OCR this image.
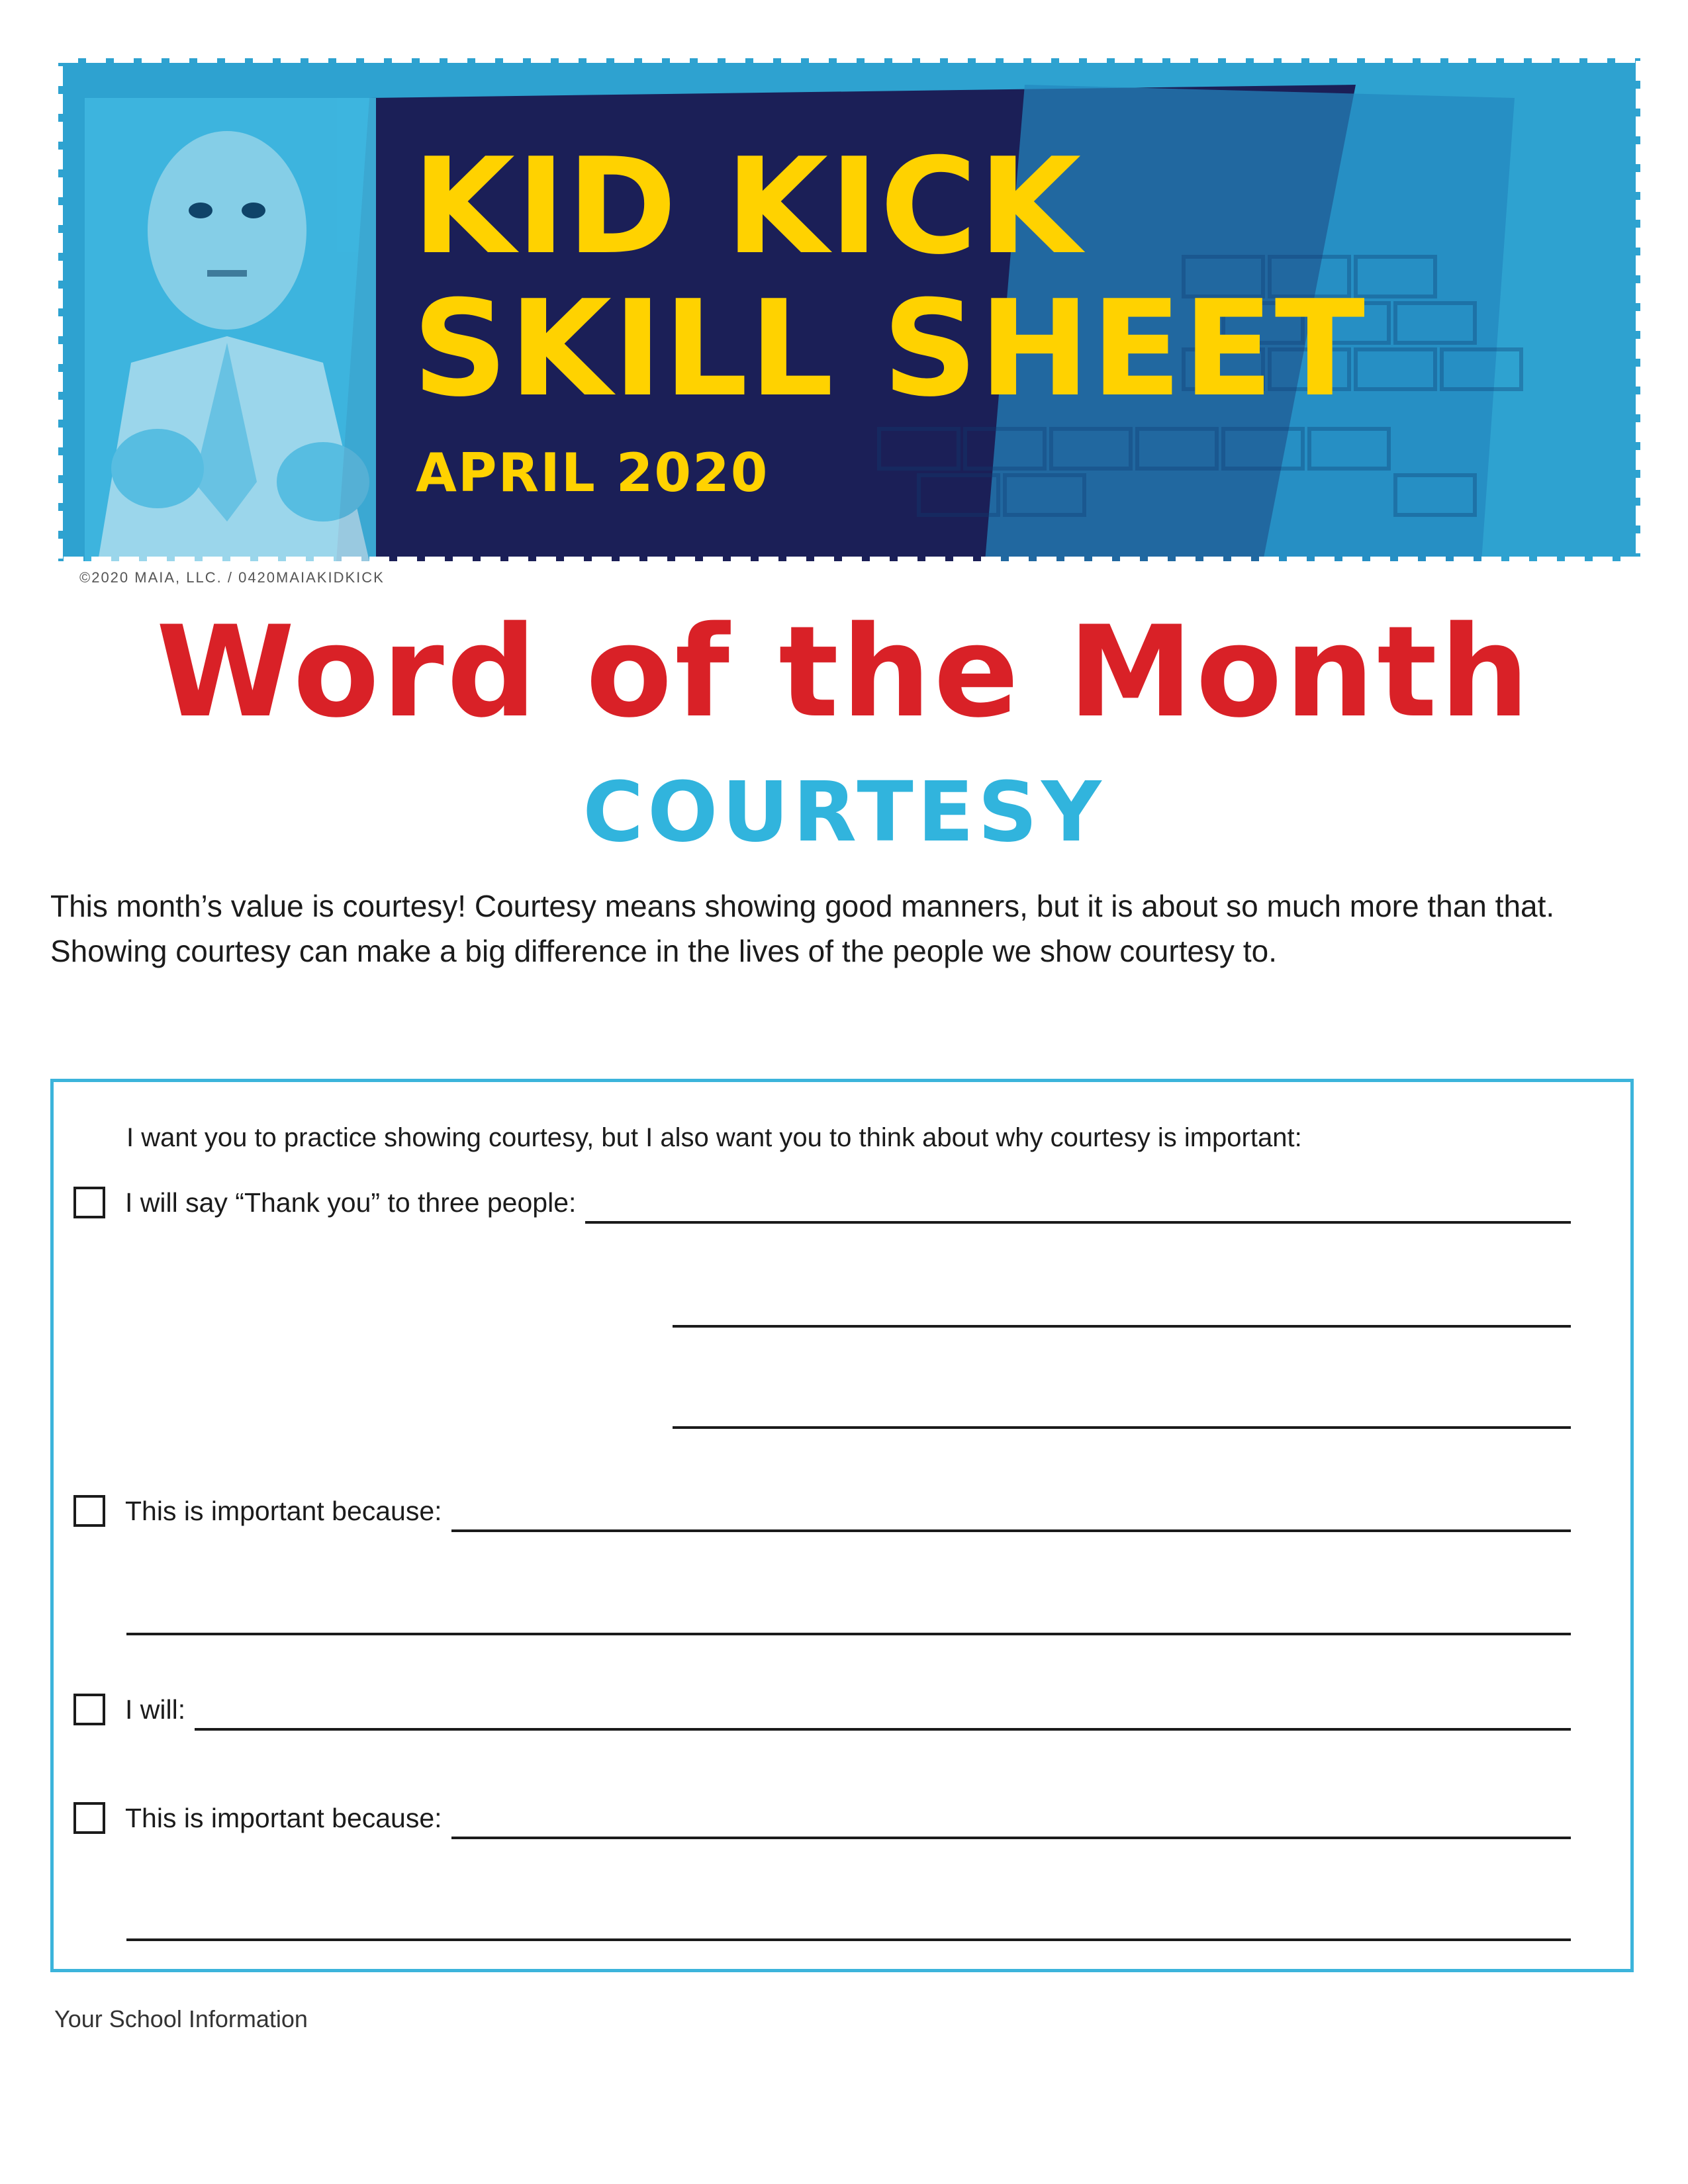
KID KICK
SKILL SHEET
APRIL 2020
©2020 MAIA, LLC. / 0420MAIAKIDKICK
Word of the Month
COURTESY

This month’s value is courtesy! Courtesy means showing good manners, but it is about so much more than that. Showing courtesy can make a big difference in the lives of the people we show courtesy to.

I want you to practice showing courtesy, but I also want you to think about why courtesy is important:
I will say “Thank you” to three people:
This is important because:
I will:
This is important because:
Your School Information
